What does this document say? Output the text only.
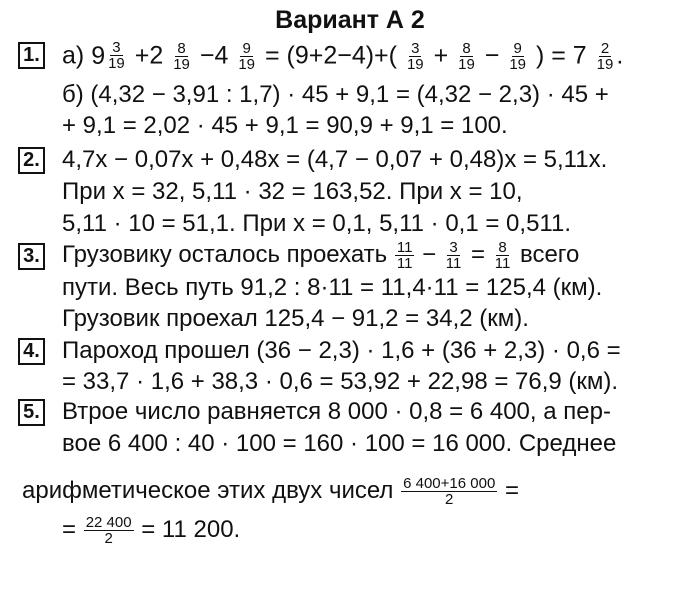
Вариант А 2
1. а) $9 \frac{3}{19} +2 \frac{8}{19} -4 \frac{9}{19} = (9+2-4)+( \frac{3}{19} + \frac{8}{19} - \frac{9}{19}$ ) = $7 \frac{2}{19}$ .
б) (4,32 − 3,91 : 1,7) · 45 + 9,1 = (4,32 − 2,3) · 45 +
+ 9,1 = 2,02 · 45 + 9,1 = 90,9 + 9,1 = 100.
2. 4,7x − 0,07x + 0,48x = (4,7 − 0,07 + 0,48)x = 5,11x.
При x = 32, 5,11 · 32 = 163,52. При x = 10,
5,11 · 10 = 51,1. При x = 0,1, 5,11 · 0,1 = 0,511.
3. Грузовику осталось проехать $\frac{11}{11} - \frac{3}{11} = \frac{8}{11}$ всего
пути. Весь путь 91,2 : 8·11 = 11,4·11 = 125,4 (км).
Грузовик проехал 125,4 − 91,2 = 34,2 (км).
4. Пароход прошел (36 − 2,3) · 1,6 + (36 + 2,3) · 0,6 =
= 33,7 · 1,6 + 38,3 · 0,6 = 53,92 + 22,98 = 76,9 (км).
5. Втрое число равняется 8 000 · 0,8 = 6 400, а пер-
вое 6 400 : 40 · 100 = 160 · 100 = 16 000. Среднее
арифметическое этих двух чисел $\frac{6 400+16 000}{2}$ =
= $\frac{22 400}{2} = 11$ 200.
